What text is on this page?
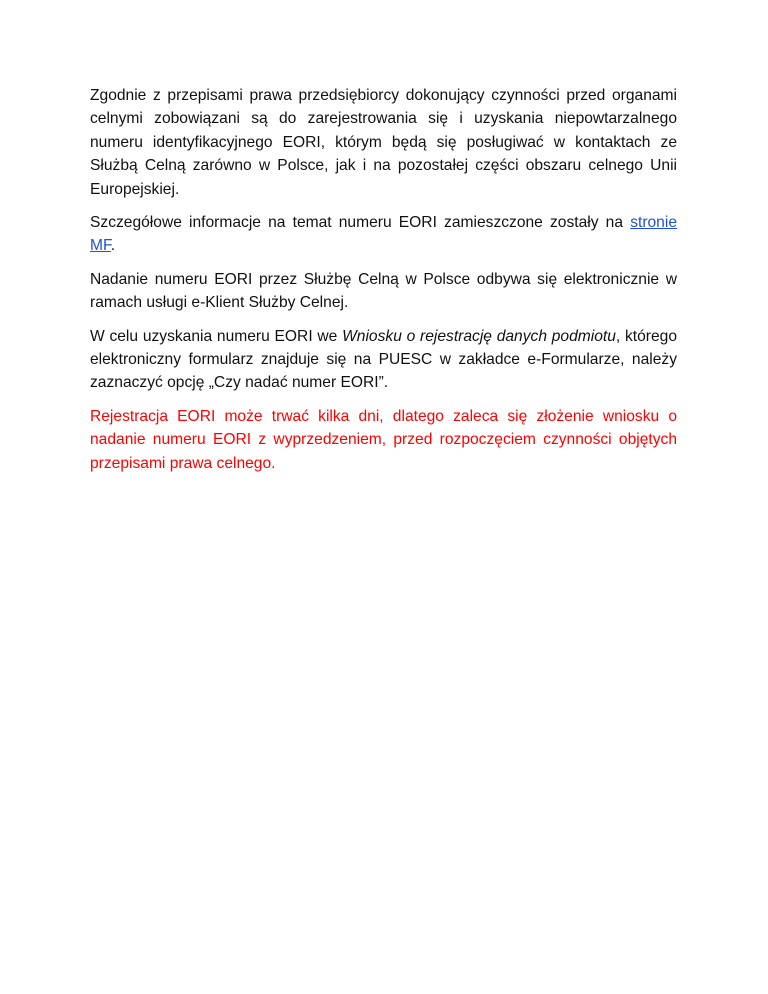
Zgodnie z przepisami prawa przedsiębiorcy dokonujący czynności przed organami celnymi zobowiązani są do zarejestrowania się i uzyskania niepowtarzalnego numeru identyfikacyjnego EORI, którym będą się posługiwać w kontaktach ze Służbą Celną zarówno w Polsce, jak i na pozostałej części obszaru celnego Unii Europejskiej.

Szczegółowe informacje na temat numeru EORI zamieszczone zostały na stronie MF.

Nadanie numeru EORI przez Służbę Celną w Polsce odbywa się elektronicznie w ramach usługi e-Klient Służby Celnej.

W celu uzyskania numeru EORI we Wniosku o rejestrację danych podmiotu, którego elektroniczny formularz znajduje się na PUESC w zakładce e-Formularze, należy zaznaczyć opcję „Czy nadać numer EORI”.

Rejestracja EORI może trwać kilka dni, dlatego zaleca się złożenie wniosku o nadanie numeru EORI z wyprzedzeniem, przed rozpoczęciem czynności objętych przepisami prawa celnego.
